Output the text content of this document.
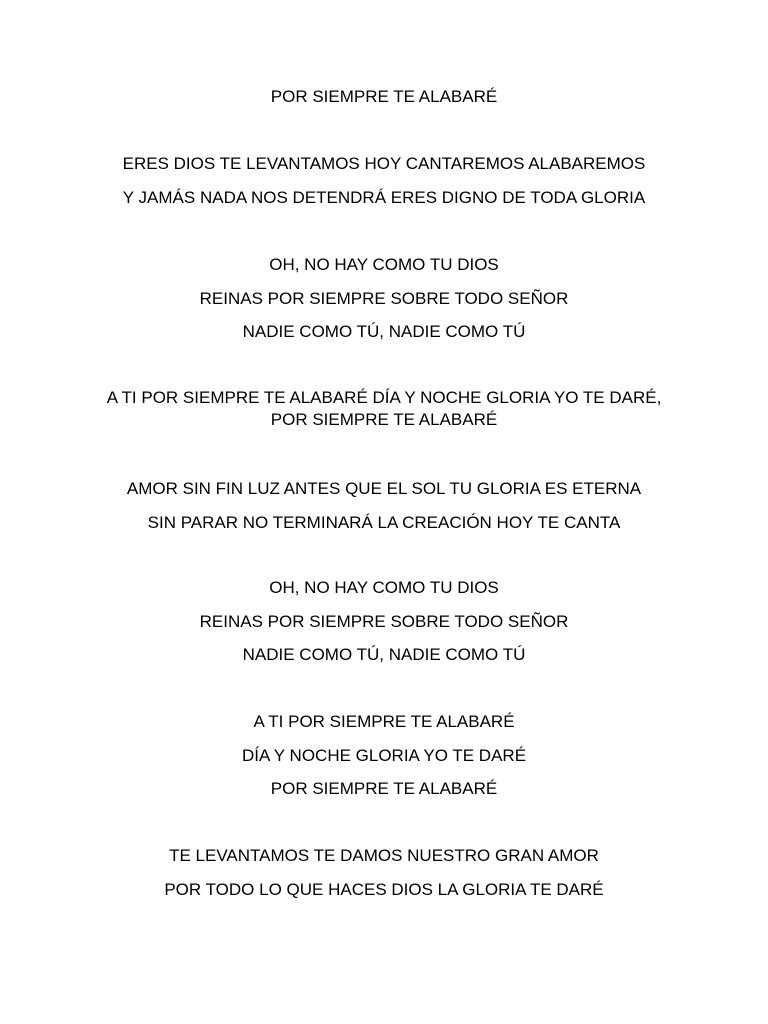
POR SIEMPRE TE ALABARÉ
ERES DIOS TE LEVANTAMOS HOY CANTAREMOS ALABAREMOS
Y JAMÁS NADA NOS DETENDRÁ ERES DIGNO DE TODA GLORIA
OH, NO HAY COMO TU DIOS
REINAS POR SIEMPRE SOBRE TODO SEÑOR
NADIE COMO TÚ, NADIE COMO TÚ
A TI POR SIEMPRE TE ALABARÉ DÍA Y NOCHE GLORIA YO TE DARÉ, POR SIEMPRE TE ALABARÉ
AMOR SIN FIN LUZ ANTES QUE EL SOL TU GLORIA ES ETERNA
SIN PARAR NO TERMINARÁ LA CREACIÓN HOY TE CANTA
OH, NO HAY COMO TU DIOS
REINAS POR SIEMPRE SOBRE TODO SEÑOR
NADIE COMO TÚ, NADIE COMO TÚ
A TI POR SIEMPRE TE ALABARÉ
DÍA Y NOCHE GLORIA YO TE DARÉ
POR SIEMPRE TE ALABARÉ
TE LEVANTAMOS TE DAMOS NUESTRO GRAN AMOR
POR TODO LO QUE HACES DIOS LA GLORIA TE DARÉ
